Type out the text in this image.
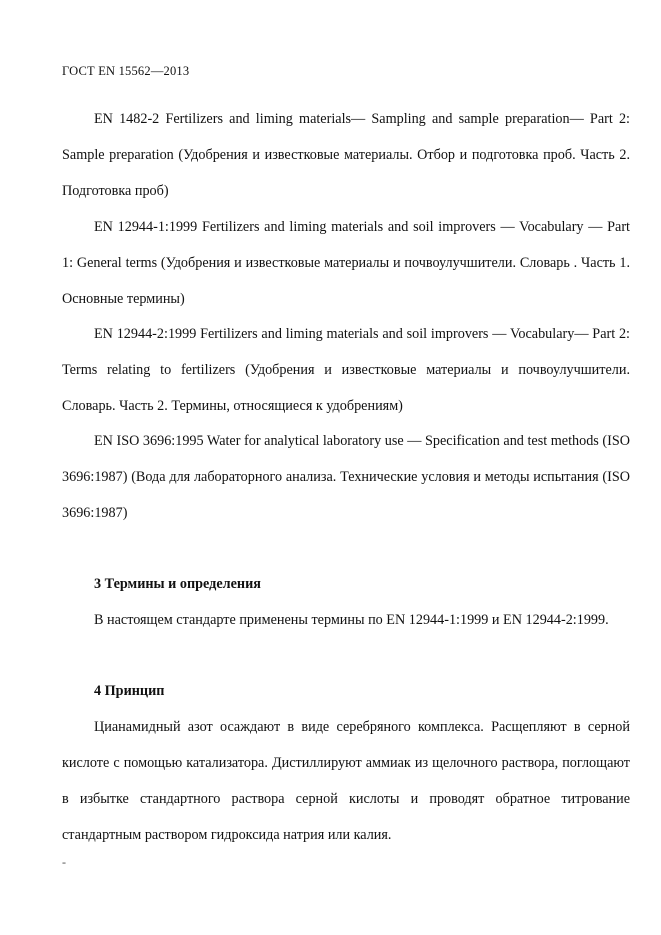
ГОСТ EN 15562—2013
EN 1482-2 Fertilizers and liming materials— Sampling and sample preparation— Part 2: Sample preparation (Удобрения и известковые материалы. Отбор и подготовка проб. Часть 2. Подготовка проб)
EN 12944-1:1999 Fertilizers and liming materials and soil improvers — Vocabulary — Part 1: General terms (Удобрения и известковые материалы и почвоулучшители. Словарь . Часть 1. Основные термины)
EN 12944-2:1999 Fertilizers and liming materials and soil improvers — Vocabulary— Part 2: Terms relating to fertilizers (Удобрения и известковые материалы и почвоулучшители. Словарь. Часть 2. Термины, относящиеся к удобрениям)
EN ISO 3696:1995 Water for analytical laboratory use — Specification and test methods (ISO 3696:1987) (Вода для лабораторного анализа. Технические условия и методы испытания (ISO 3696:1987)
3 Термины и определения
В настоящем стандарте применены термины по EN 12944-1:1999 и EN 12944-2:1999.
4 Принцип
Цианамидный азот осаждают в виде серебряного комплекса. Расщепляют в серной кислоте с помощью катализатора. Дистиллируют аммиак из щелочного раствора, поглощают в избытке стандартного раствора серной кислоты и проводят обратное титрование стандартным раствором гидроксида натрия или калия.
-
